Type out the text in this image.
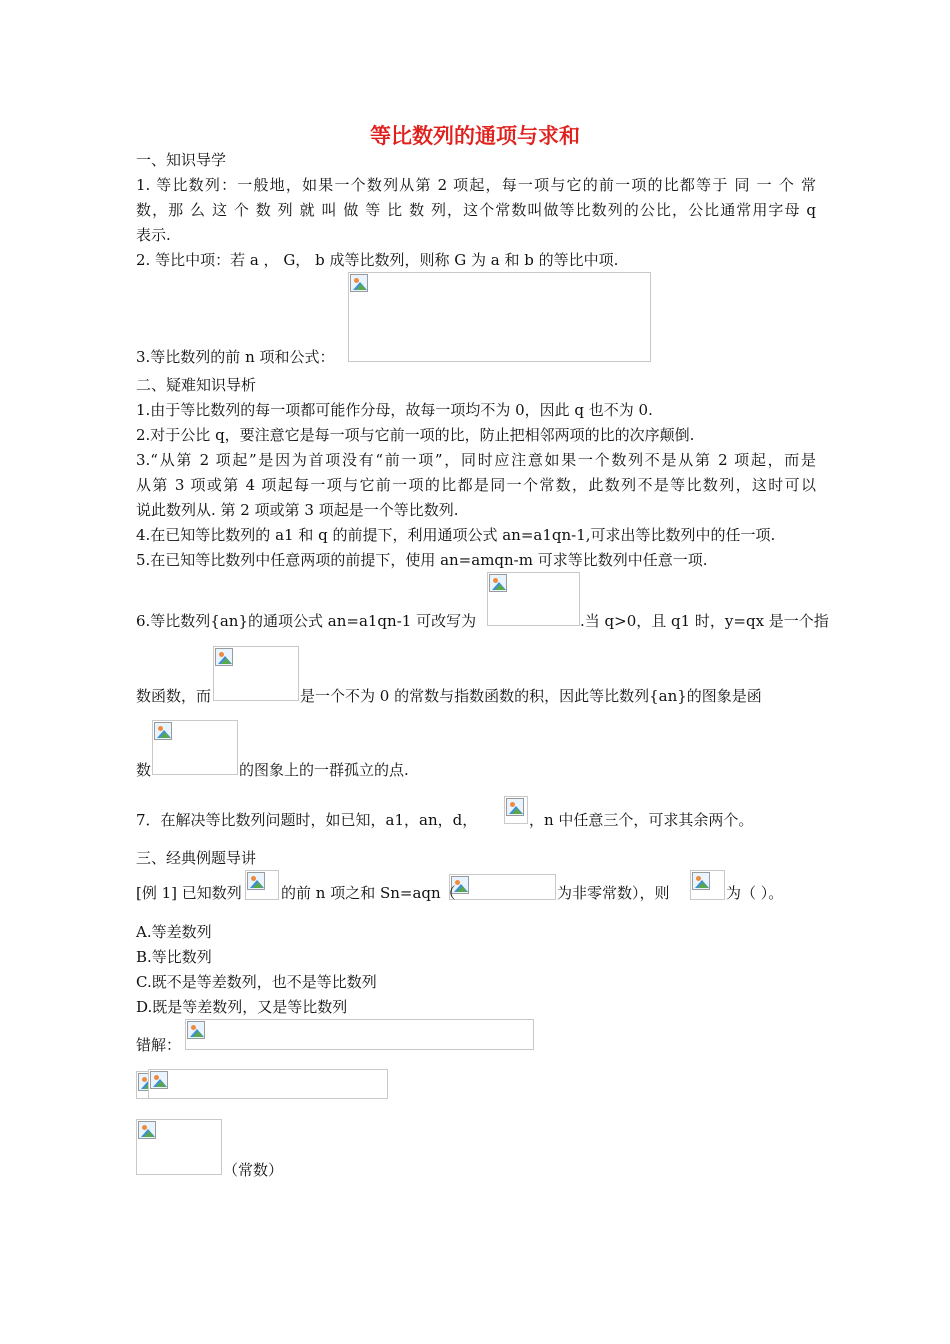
等比数列的通项与求和
一、知识导学
1. 等比数列：一般地，如果一个数列从第 2 项起，每一项与它的前一项的比都等于 同 一 个 常
数，那 么 这 个 数 列 就 叫 做 等 比 数 列，这个常数叫做等比数列的公比，公比通常用字母 q
表示.
2. 等比中项：若 a ， G， b 成等比数列，则称 G 为 a 和 b 的等比中项.
3.等比数列的前 n 项和公式：
二、疑难知识导析
1.由于等比数列的每一项都可能作分母，故每一项均不为 0，因此 q 也不为 0.
2.对于公比 q，要注意它是每一项与它前一项的比，防止把相邻两项的比的次序颠倒.
3.“从第 2 项起”是因为首项没有“前一项”，同时应注意如果一个数列不是从第 2 项起，而是
从第 3 项或第 4 项起每一项与它前一项的比都是同一个常数，此数列不是等比数列，这时可以
说此数列从. 第 2 项或第 3 项起是一个等比数列.
4.在已知等比数列的 a1 和 q 的前提下，利用通项公式 an=a1qn-1,可求出等比数列中的任一项.
5.在已知等比数列中任意两项的前提下，使用 an=amqn-m 可求等比数列中任意一项.
6.等比数列{an}的通项公式 an=a1qn-1 可改写为	.当 q>0，且 q1 时，y=qx 是一个指
数函数，而	是一个不为 0 的常数与指数函数的积，因此等比数列{an}的图象是函
数	的图象上的一群孤立的点.
7．在解决等比数列问题时，如已知，a1，an，d，	，n 中任意三个，可求其余两个。
三、经典例题导讲
[例 1] 已知数列	的前 n 项之和 Sn=aqn（	为非零常数），则	为（ ）。
A.等差数列
B.等比数列
C.既不是等差数列，也不是等比数列
D.既是等差数列，又是等比数列
错解：
（常数）
